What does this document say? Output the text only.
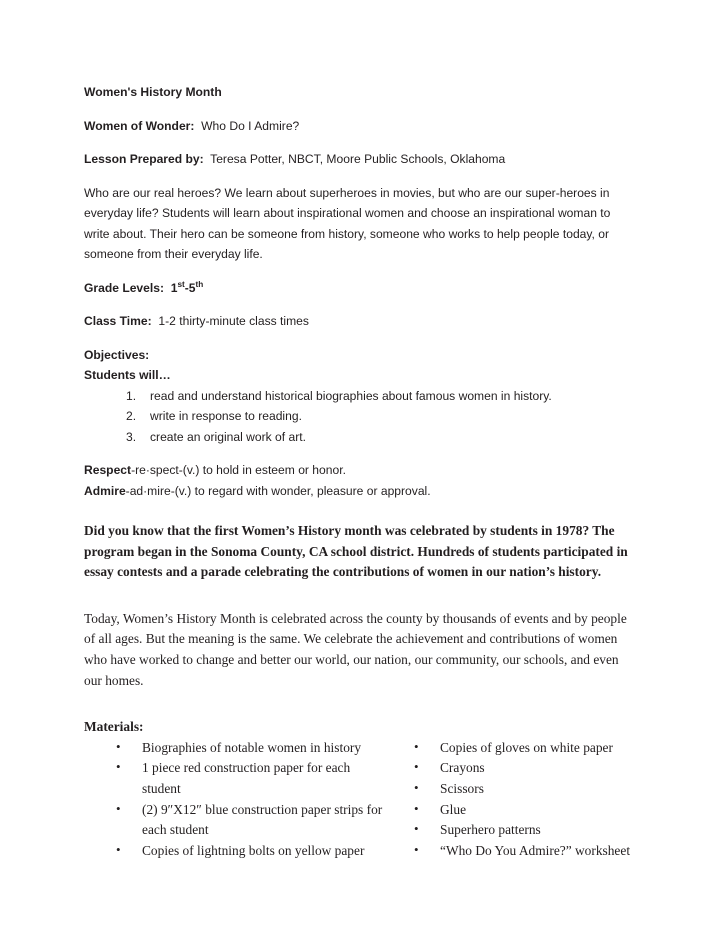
Women's History Month

Women of Wonder: Who Do I Admire?

Lesson Prepared by: Teresa Potter, NBCT, Moore Public Schools, Oklahoma

Who are our real heroes? We learn about superheroes in movies, but who are our super-heroes in everyday life? Students will learn about inspirational women and choose an inspirational woman to write about. Their hero can be someone from history, someone who works to help people today, or someone from their everyday life.

Grade Levels: 1st-5th

Class Time: 1-2 thirty-minute class times

Objectives:

Students will…

read and understand historical biographies about famous women in history.
write in response to reading.
create an original work of art.

Respect-re·spect-(v.) to hold in esteem or honor.

Admire-ad·mire-(v.) to regard with wonder, pleasure or approval.

Did you know that the first Women’s History month was celebrated by students in 1978? The program began in the Sonoma County, CA school district. Hundreds of students participated in essay contests and a parade celebrating the contributions of women in our nation’s history.

Today, Women’s History Month is celebrated across the county by thousands of events and by people of all ages. But the meaning is the same. We celebrate the achievement and contributions of women who have worked to change and better our world, our nation, our community, our schools, and even our homes.

Materials:

• Biographies of notable women in history
• 1 piece red construction paper for each student
• (2) 9″X12″ blue construction paper strips for each student
• Copies of lightning bolts on yellow paper
• Copies of gloves on white paper
• Crayons
• Scissors
• Glue
• Superhero patterns
• “Who Do You Admire?” worksheet
